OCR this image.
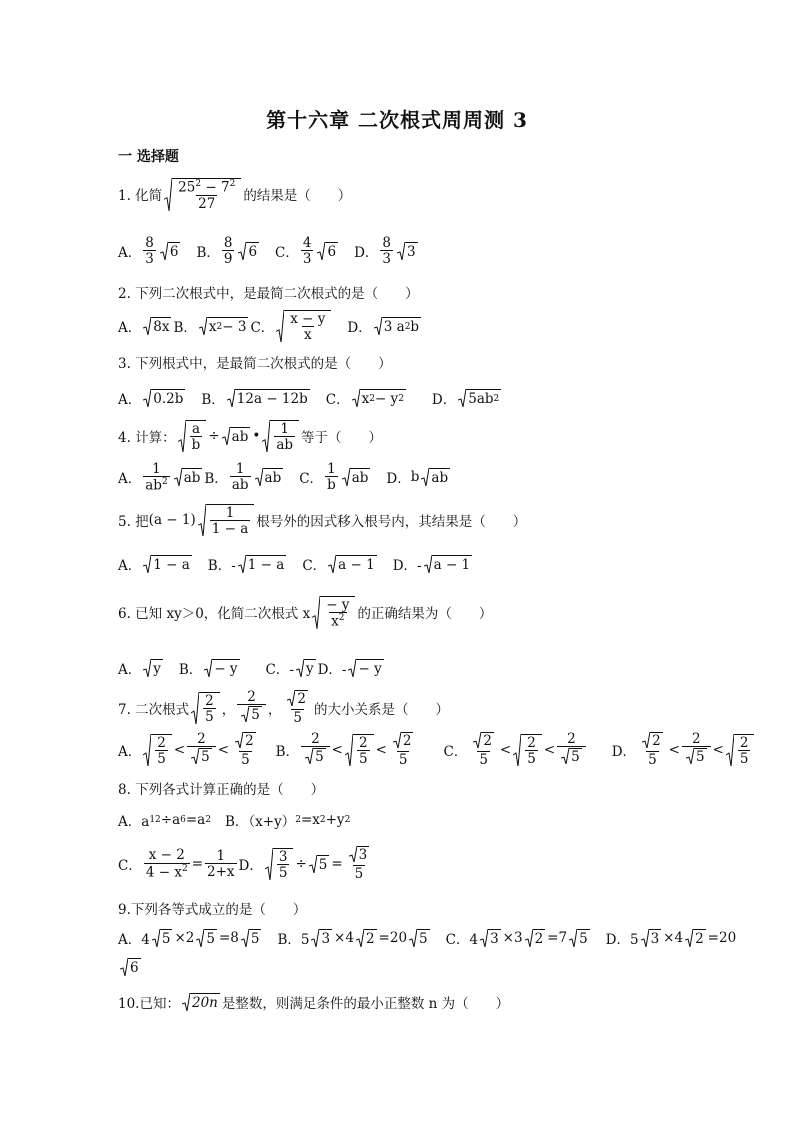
第十六章 二次根式周周测 3
一 选择题
1. 化简 $\frac{25^2 - 7^2}{27}$ 的结果是（　　）
A． $\frac{8}{3} 6$ B． $\frac{8}{9} 6$ C． $\frac{4}{3} 6$ D． $\frac{8}{3} 3$
2. 下列二次根式中，是最简二次根式的是（　　）
A． 8x B． x 2 − 3 C． $\frac{x - y}{x}$ D． 3 a 2 b
3. 下列根式中，是最简二次根式的是（　　）
A． 0.2b B． 12a − 12b C． x 2 − y 2 D． 5ab 2
4. 计算： $\frac{a}{b}$ ÷ ab • $\frac{1}{ab}$ 等于（　　）
A． $\frac{1}{ab^2}$ ab B． $\frac{1}{ab}$ ab C． $\frac{1}{b}$ ab D． b ab
5. 把 $(a - 1) \frac{1}{1 - a}$ 根号外的因式移入根号内，其结果是（　　）
A． 1 − a B．- 1 − a C． a − 1 D．- a − 1
6. 已知 xy＞0，化简二次根式 x $\frac{- y}{x^2}$ 的正确结果为（　　）
A． y B． − y C．- y D．- − y
7. 二次根式 $\frac{2}{5}$ ， $\frac{2}{5}$ ， $\frac{2}{5}$ 的大小关系是（　　）
A． $\frac{2}{5} < \frac{2}{5} < \frac{2}{5}$ B． $\frac{2}{5} < \frac{2}{5} < \frac{2}{5}$ C． $\frac{2}{5} < \frac{2}{5} < \frac{2}{5}$ D． $\frac{2}{5} < \frac{2}{5} < \frac{2}{5}$
8. 下列各式计算正确的是（　　）
A．a 12 ÷a 6 =a 2 B．（x+y） 2 =x 2 +y 2
C． $\frac{x - 2}{4 - x^2} = \frac{1}{2+x}$ D． $\frac{3}{5} \div 5 = \frac{3}{5}$
9.下列各等式成立的是（　　）
A．4 5 ×2 5 =8 5 B．5 3 ×4 2 =20 5 C．4 3 ×3 2 =7 5 D．5 3 ×4 2 =20
6
10.已知： 20n 是整数，则满足条件的最小正整数 n 为（　　）
